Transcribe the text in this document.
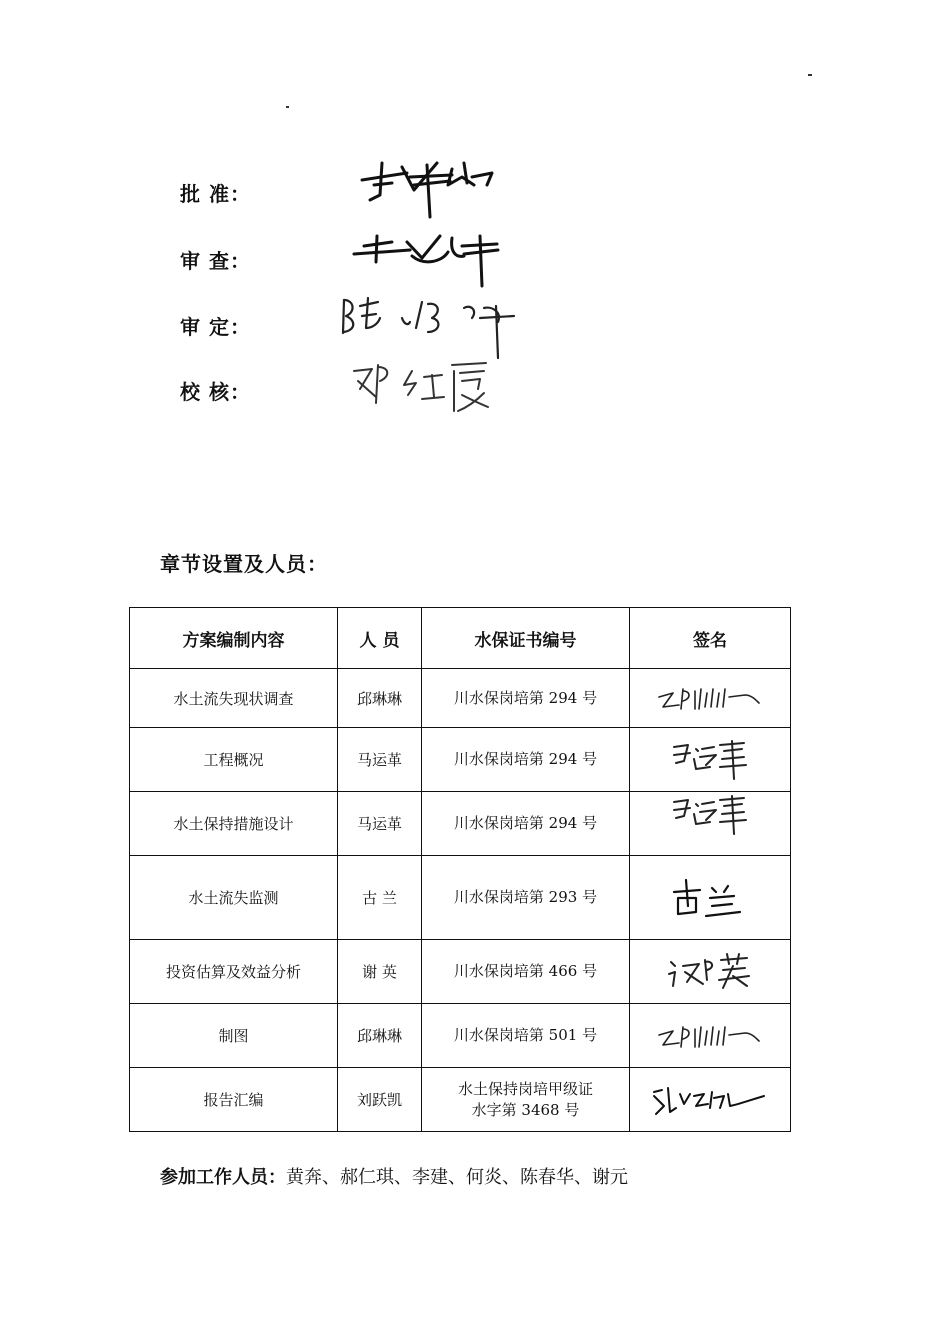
批 准：
审 查：
审 定：
校 核：
章节设置及人员：
方案编制内容	人 员	水保证书编号	签名
水土流失现状调查	邱琳琳	川水保岗培第 294 号

工程概况	马运革	川水保岗培第 294 号

水土保持措施设计	马运革	川水保岗培第 294 号

水土流失监测	古 兰	川水保岗培第 293 号

投资估算及效益分析	谢 英	川水保岗培第 466 号

制图	邱琳琳	川水保岗培第 501 号

报告汇编	刘跃凯	水土保持岗培甲级证
水字第 3468 号

参加工作人员：黄奔、郝仁琪、李建、何炎、陈春华、谢元
